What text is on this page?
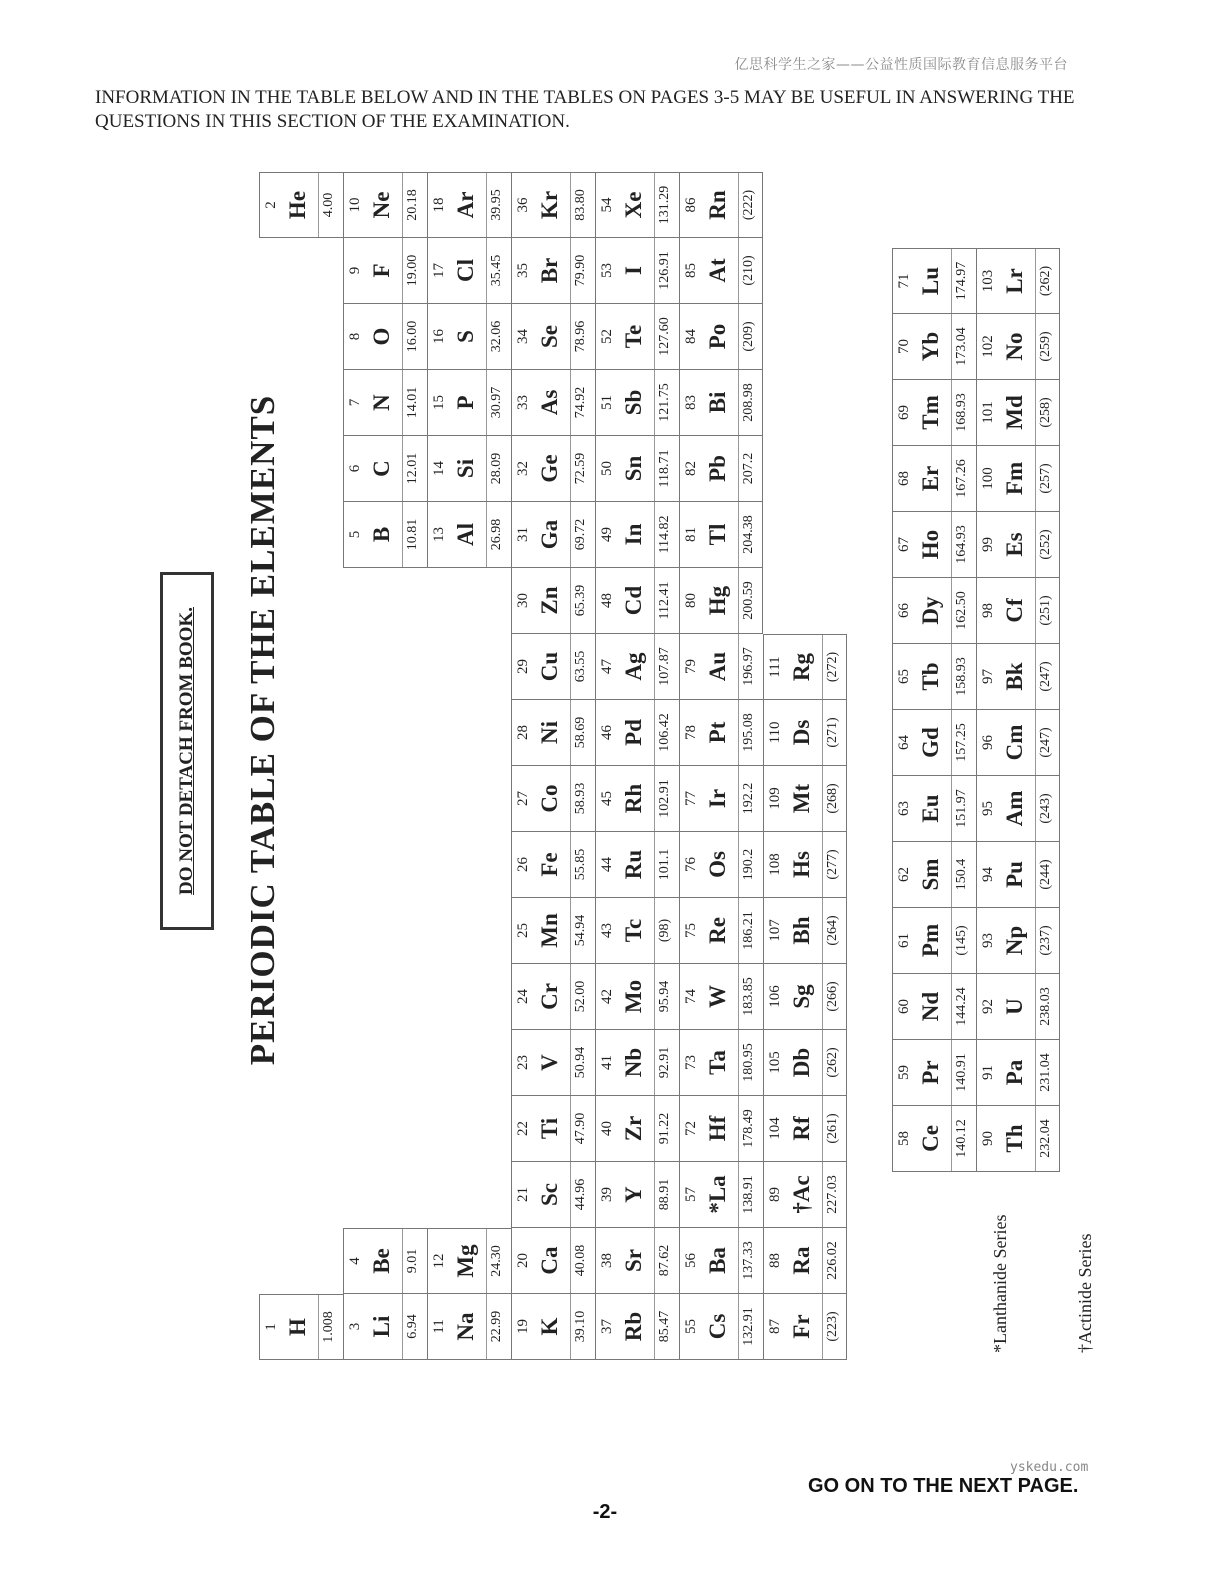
亿思科学生之家——公益性质国际教育信息服务平台
INFORMATION IN THE TABLE BELOW AND IN THE TABLES ON PAGES 3-5 MAY BE USEFUL IN ANSWERING THE QUESTIONS IN THIS SECTION OF THE EXAMINATION.
DO NOT DETACH FROM BOOK. PERIODIC TABLE OF THE ELEMENTS
1 H 1.008
2 He 4.00
3 Li 6.94
4 Be 9.01
5 B 10.81
6 C 12.01
7 N 14.01
8 O 16.00
9 F 19.00
10 Ne 20.18
11 Na 22.99
12 Mg 24.30
13 Al 26.98
14 Si 28.09
15 P 30.97
16 S 32.06
17 Cl 35.45
18 Ar 39.95
19 K 39.10
20 Ca 40.08
21 Sc 44.96
22 Ti 47.90
23 V 50.94
24 Cr 52.00
25 Mn 54.94
26 Fe 55.85
27 Co 58.93
28 Ni 58.69
29 Cu 63.55
30 Zn 65.39
31 Ga 69.72
32 Ge 72.59
33 As 74.92
34 Se 78.96
35 Br 79.90
36 Kr 83.80
37 Rb 85.47
38 Sr 87.62
39 Y 88.91
40 Zr 91.22
41 Nb 92.91
42 Mo 95.94
43 Tc (98)
44 Ru 101.1
45 Rh 102.91
46 Pd 106.42
47 Ag 107.87
48 Cd 112.41
49 In 114.82
50 Sn 118.71
51 Sb 121.75
52 Te 127.60
53 I 126.91
54 Xe 131.29
55 Cs 132.91
56 Ba 137.33
57 *La 138.91
72 Hf 178.49
73 Ta 180.95
74 W 183.85
75 Re 186.21
76 Os 190.2
77 Ir 192.2
78 Pt 195.08
79 Au 196.97
80 Hg 200.59
81 Tl 204.38
82 Pb 207.2
83 Bi 208.98
84 Po (209)
85 At (210)
86 Rn (222)
87 Fr (223)
88 Ra 226.02
89 †Ac 227.03
104 Rf (261)
105 Db (262)
106 Sg (266)
107 Bh (264)
108 Hs (277)
109 Mt (268)
110 Ds (271)
111 Rg (272)
58 Ce 140.12
59 Pr 140.91
60 Nd 144.24
61 Pm (145)
62 Sm 150.4
63 Eu 151.97
64 Gd 157.25
65 Tb 158.93
66 Dy 162.50
67 Ho 164.93
68 Er 167.26
69 Tm 168.93
70 Yb 173.04
71 Lu 174.97
90 Th 232.04
91 Pa 231.04
92 U 238.03
93 Np (237)
94 Pu (244)
95 Am (243)
96 Cm (247)
97 Bk (247)
98 Cf (251)
99 Es (252)
100 Fm (257)
101 Md (258)
102 No (259)
103 Lr (262)
*Lanthanide Series	†Actinide Series
yskedu.com
GO ON TO THE NEXT PAGE.
-2-
